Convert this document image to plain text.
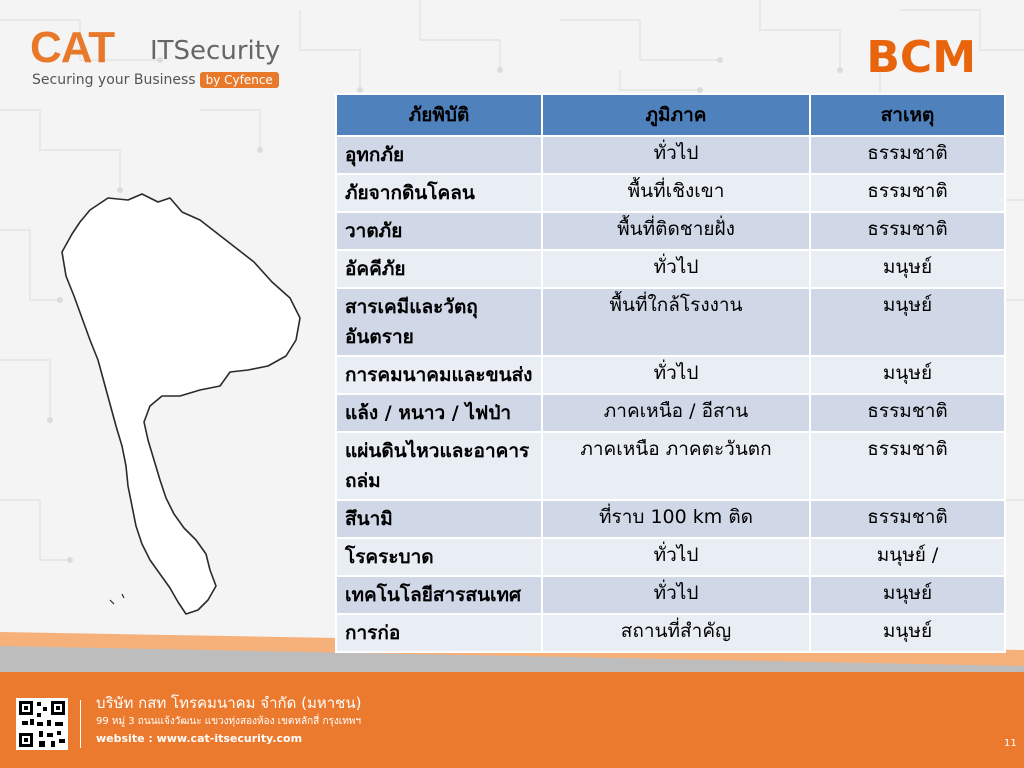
CAT ITSecurity
Securing your Business by Cyfence	BCM
บริษัท กสท โทรคมนาคม จำกัด (มหาชน)
99 หมู่ 3 ถนนแจ้งวัฒนะ แขวงทุ่งสองห้อง เขตหลักสี่ กรุงเทพฯ
website : www.cat-itsecurity.com	11
ภัยพิบัติ	ภูมิภาค	สาเหตุ
อุทกภัย	ทั่วไป	ธรรมชาติ
ภัยจากดินโคลน	พื้นที่เชิงเขา	ธรรมชาติ
วาตภัย	พื้นที่ติดชายฝั่ง	ธรรมชาติ
อัคคีภัย	ทั่วไป	มนุษย์
สารเคมีและวัตถุอันตราย	พื้นที่ใกล้โรงงาน	มนุษย์
การคมนาคมและขนส่ง	ทั่วไป	มนุษย์
แล้ง / หนาว / ไฟป่า	ภาคเหนือ / อีสาน	ธรรมชาติ
แผ่นดินไหวและอาคารถล่ม	ภาคเหนือ ภาคตะวันตก	ธรรมชาติ
สึนามิ	ที่ราบ 100 km ติด	ธรรมชาติ
โรคระบาด	ทั่วไป	มนุษย์ /
เทคโนโลยีสารสนเทศ	ทั่วไป	มนุษย์
การก่อ	สถานที่สำคัญ	มนุษย์
